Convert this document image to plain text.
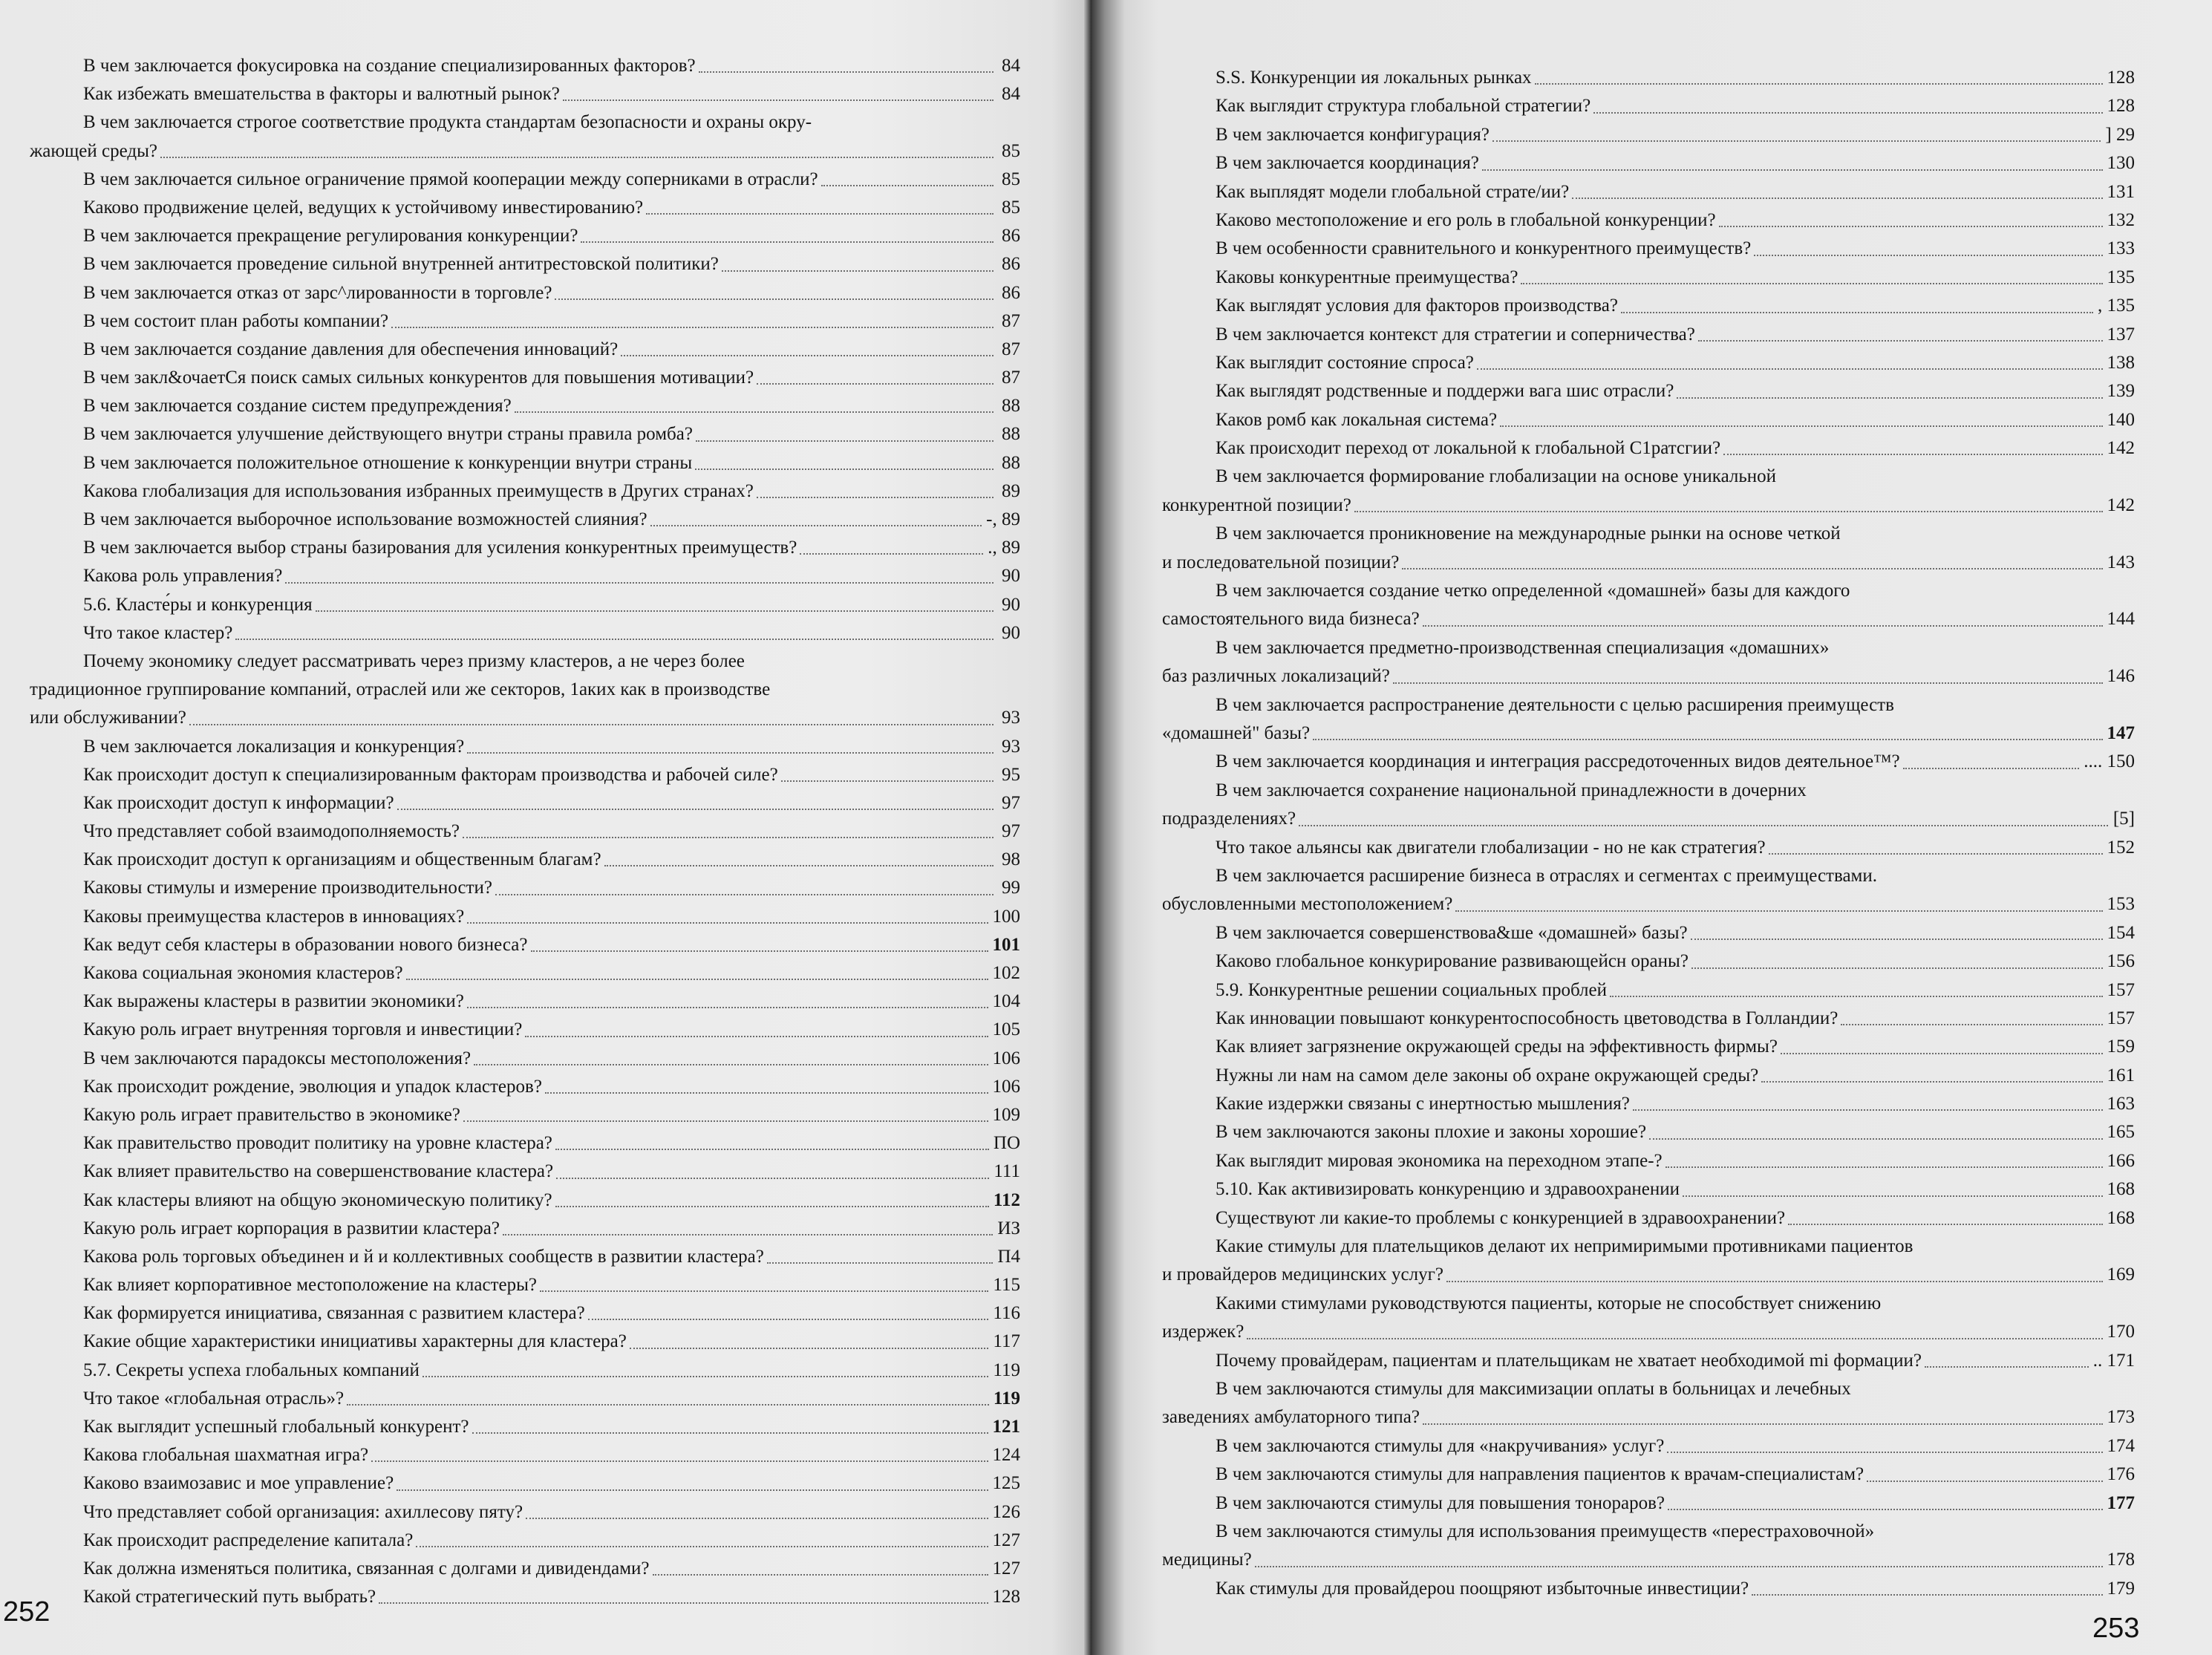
В чем заключается фокусировка на создание специализированных факторов?	84
Как избежать вмешательства в факторы и валютный рынок?	84
В чем заключается строгое соответствие продукта стандартам безопасности и охраны окру-
жающей среды?	85
В чем заключается сильное ограничение прямой кооперации между соперниками в отрасли?	85
Каково продвижение целей, ведущих к устойчивому инвестированию?	85
В чем заключается прекращение регулирования конкуренции?	86
В чем заключается проведение сильной внутренней антитрестовской политики?	86
В чем заключается отказ от зарс^лированности в торговле?	86
В чем состоит план работы компании?	87
В чем заключается создание давления для обеспечения инноваций?	87
В чем закл&очаетСя поиск самых сильных конкурентов для повышения мотивации?	87
В чем заключается создание систем предупреждения?	88
В чем заключается улучшение действующего внутри страны правила ромба?	88
В чем заключается положительное отношение к конкуренции внутри страны	88
Какова глобализация для использования избранных преимуществ в Других странах?	89
В чем заключается выборочное использование возможностей слияния?	-, 89
В чем заключается выбор страны базирования для усиления конкурентных преимуществ?	., 89
Какова роль управления?	90
5.6. Класте́ры и конкуренция	90
Что такое кластер?	90
Почему экономику следует рассматривать через призму кластеров, а не через более
традиционное группирование компаний, отраслей или же секторов, 1аких как в производстве
или обслуживании?	93
В чем заключается локализация и конкуренция?	93
Как происходит доступ к специализированным факторам производства и рабочей силе?	95
Как происходит доступ к информации?	97
Что представляет собой взаимодополняемость?	97
Как происходит доступ к организациям и общественным благам?	98
Каковы стимулы и измерение производительности?	99
Каковы преимущества кластеров в инновациях?	100
Как ведут себя кластеры в образовании нового бизнеса?	101
Какова социальная экономия кластеров?	102
Как выражены кластеры в развитии экономики?	104
Какую роль играет внутренняя торговля и инвестиции?	105
В чем заключаются парадоксы местоположения?	106
Как происходит рождение, эволюция и упадок кластеров?	106
Какую роль играет правительство в экономике?	109
Как правительство проводит политику на уровне кластера?	ПО
Как влияет правительство на совершенствование кластера?	111
Как кластеры влияют на общую экономическую политику?	112
Какую роль играет корпорация в развитии кластера?	ИЗ
Какова роль торговых объединен и й и коллективных сообществ в развитии кластера?	П4
Как влияет корпоративное местоположение на кластеры?	115
Как формируется инициатива, связанная с развитием кластера?	116
Какие общие характеристики инициативы характерны для кластера?	117
5.7. Секреты успеха глобальных компаний	119
Что такое «глобальная отрасль»?	119
Как выглядит успешный глобальный конкурент?	121
Какова глобальная шахматная игра?	124
Каково взаимозавис и мое управление?	125
Что представляет собой организация: ахиллесову пяту?	126
Как происходит распределение капитала?	127
Как должна изменяться политика, связанная с долгами и дивидендами?	127
Какой стратегический путь выбрать?	128
252
S.S. Конкуренции ия локальных рынках	128
Как выглядит структура глобальной стратегии?	128
В чем заключается конфигурация?	] 29
В чем заключается координация?	130
Как выплядят модели глобальной страте/ии?	131
Каково местоположение и его роль в глобальной конкуренции?	132
В чем особенности сравнительного и конкурентного преимуществ?	133
Каковы конкурентные преимущества?	135
Как выглядят условия для факторов производства?	, 135
В чем заключается контекст для стратегии и соперничества?	137
Как выглядит состояние спроса?	138
Как выглядят родственные и поддержи вага шис отрасли?	139
Каков ромб как локальная система?	140
Как происходит переход от локальной к глобальной С1ратсгии?	142
В чем заключается формирование глобализации на основе уникальной
конкурентной позиции?	142
В чем заключается проникновение на международные рынки на основе четкой
и последовательной позиции?	143
В чем заключается создание четко определенной «домашней» базы для каждого
самостоятельного вида бизнеса?	144
В чем заключается предметно-производственная специализация «домашних»
баз различных локализаций?	146
В чем заключается распространение деятельности с целью расширения преимуществ
«домашней" базы?	147
В чем заключается координация и интеграция рассредоточенных видов деятельное™?	.... 150
В чем заключается сохранение национальной принадлежности в дочерних
подразделениях?	[5]
Что такое альянсы как двигатели глобализации - но не как стратегия?	152
В чем заключается расширение бизнеса в отраслях и сегментах с преимуществами.
обусловленными местоположением?	153
В чем заключается совершенствова&ше «домашней» базы?	154
Каково глобальное конкурирование развивающейсн ораны?	156
5.9. Конкурентные решении социальных проблей	157
Как инновации повышают конкурентоспособность цветоводства в Голландии?	157
Как влияет загрязнение окружающей среды на эффективность фирмы?	159
Нужны ли нам на самом деле законы об охране окружающей среды?	161
Какие издержки связаны с инертностью мышления?	163
В чем заключаются законы плохие и законы хорошие?	165
Как выглядит мировая экономика на переходном этапе-?	166
5.10. Как активизировать конкуренцию и здравоохранении	168
Существуют ли какие-то проблемы с конкуренцией в здравоохранении?	168
Какие стимулы для плательщиков делают их непримиримыми противниками пациентов
и провайдеров медицинских услуг?	169
Какими стимулами руководствуются пациенты, которые не способствует снижению
издержек?	170
Почему провайдерам, пациентам и плательщикам не хватает необходимой mi формации?	.. 171
В чем заключаются стимулы для максимизации оплаты в больницах и лечебных
заведениях амбулаторного типа?	173
В чем заключаются стимулы для «накручивания» услуг?	174
В чем заключаются стимулы для направления пациентов к врачам-специалистам?	176
В чем заключаются стимулы для повышения тонораров?	177
В чем заключаются стимулы для использования преимуществ «перестраховочной»
медицины?	178
Как стимулы для провайдероu поощряют избыточные инвестиции?	179
253
